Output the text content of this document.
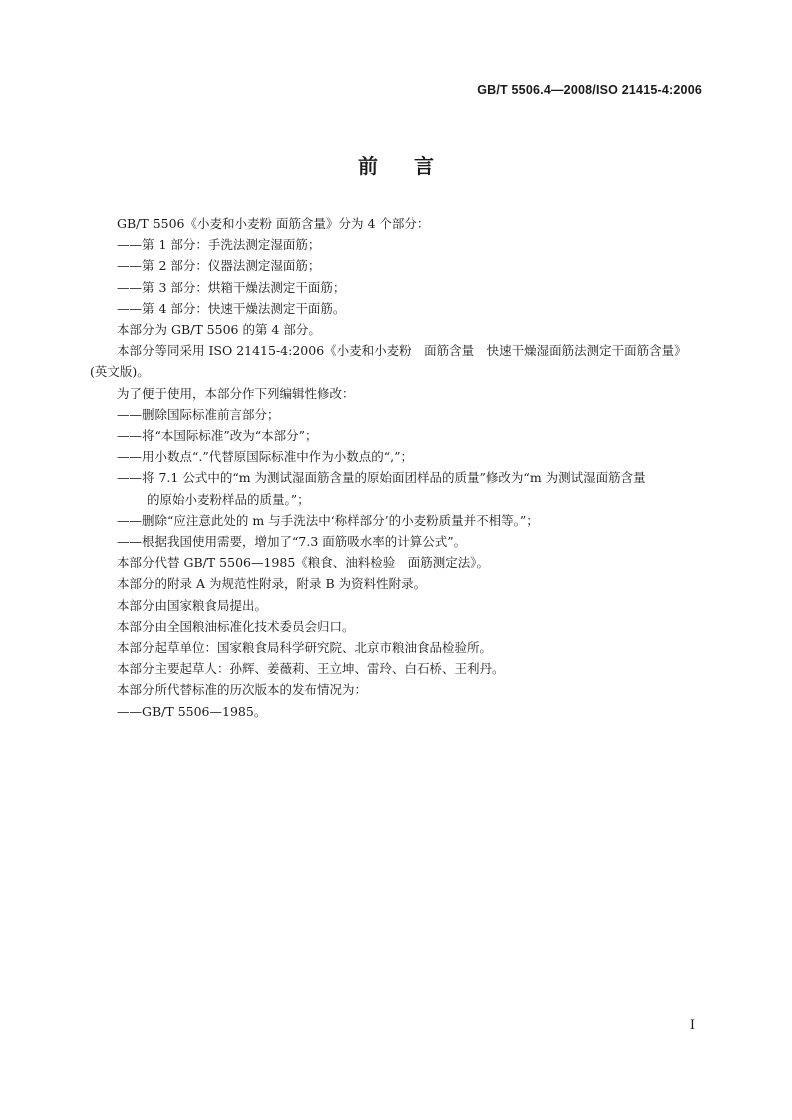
GB/T 5506.4—2008/ISO 21415-4:2006
前言
GB/T 5506《小麦和小麦粉 面筋含量》分为 4 个部分：
——第 1 部分：手洗法测定湿面筋；
——第 2 部分：仪器法测定湿面筋；
——第 3 部分：烘箱干燥法测定干面筋；
——第 4 部分：快速干燥法测定干面筋。
本部分为 GB/T 5506 的第 4 部分。
本部分等同采用 ISO 21415-4:2006《小麦和小麦粉　面筋含量　快速干燥湿面筋法测定干面筋含量》(英文版)。
为了便于使用，本部分作下列编辑性修改：
——删除国际标准前言部分；
——将“本国际标准”改为“本部分”；
——用小数点“.”代替原国际标准中作为小数点的“,”；
——将 7.1 公式中的“m 为测试湿面筋含量的原始面团样品的质量”修改为“m 为测试湿面筋含量
的原始小麦粉样品的质量。”；
——删除“应注意此处的 m 与手洗法中‘称样部分’的小麦粉质量并不相等。”；
——根据我国使用需要，增加了“7.3 面筋吸水率的计算公式”。
本部分代替 GB/T 5506—1985《粮食、油料检验　面筋测定法》。
本部分的附录 A 为规范性附录，附录 B 为资料性附录。
本部分由国家粮食局提出。
本部分由全国粮油标准化技术委员会归口。
本部分起草单位：国家粮食局科学研究院、北京市粮油食品检验所。
本部分主要起草人：孙辉、姜薇莉、王立坤、雷玲、白石桥、王利丹。
本部分所代替标准的历次版本的发布情况为：
——GB/T 5506—1985。
I
